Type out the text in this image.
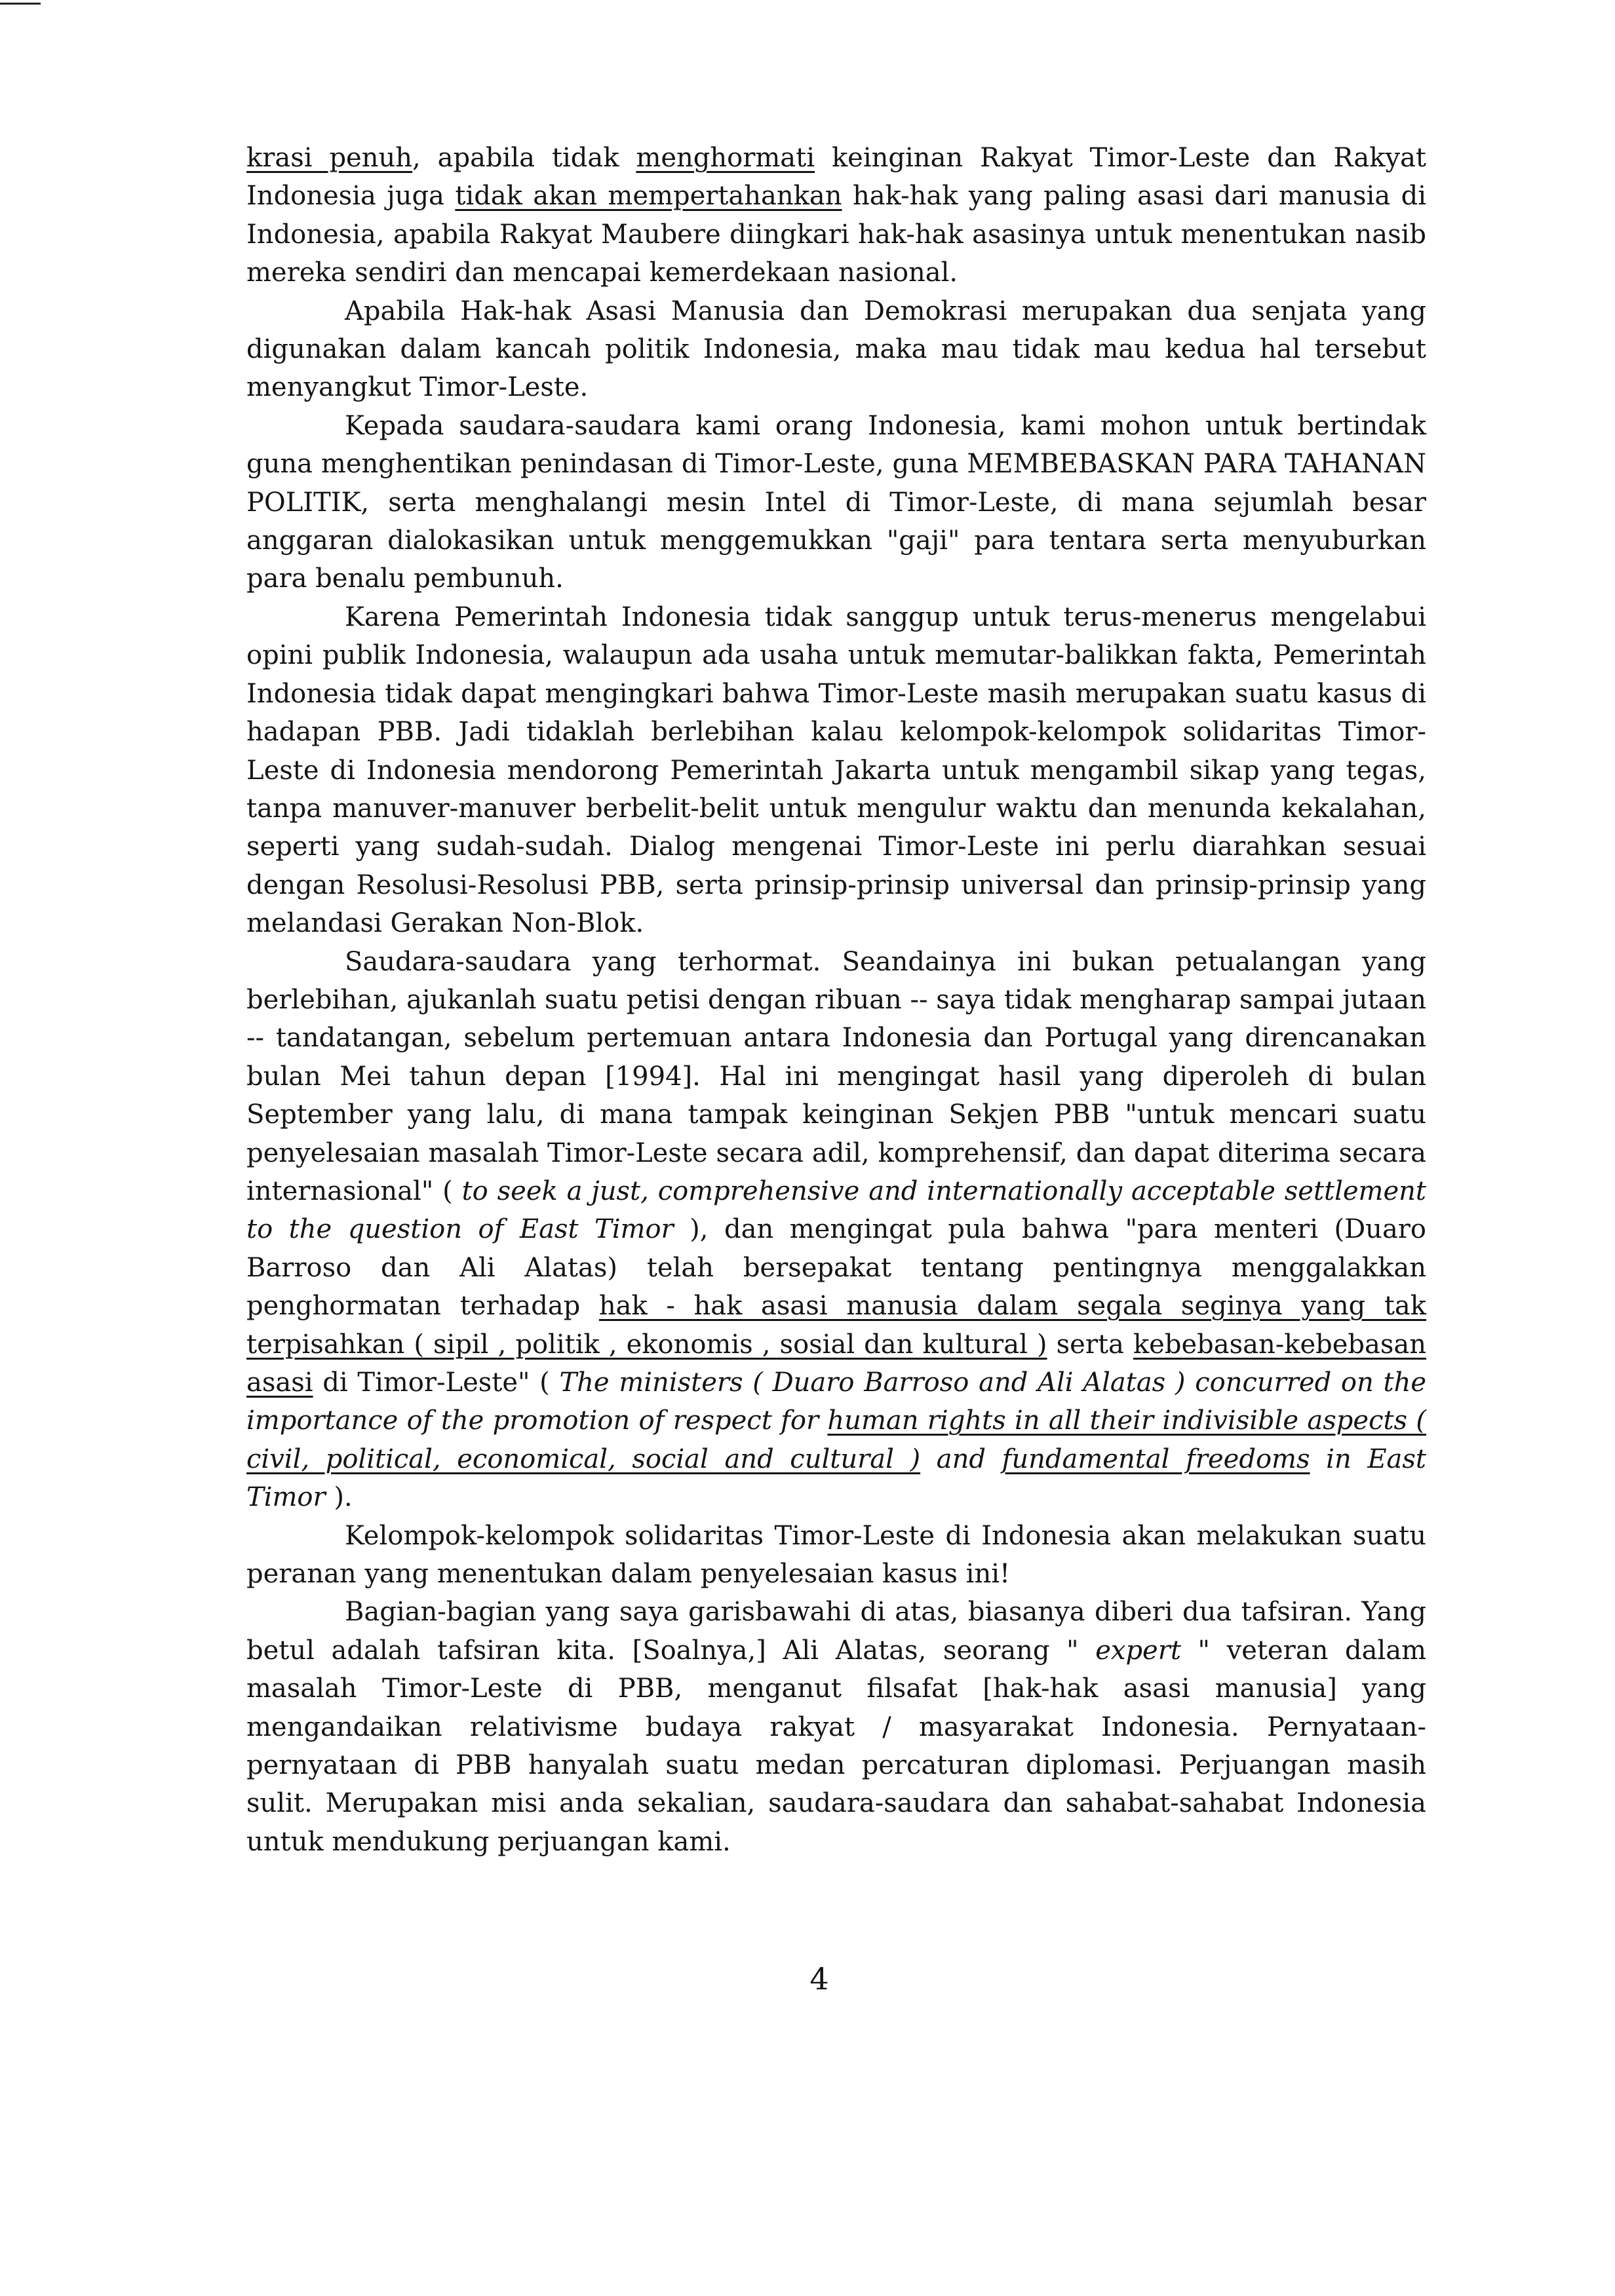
krasi penuh, apabila tidak menghormati keinginan Rakyat Timor-Leste dan Rakyat Indonesia juga tidak akan mempertahankan hak-hak yang paling asasi dari manusia di Indonesia, apabila Rakyat Maubere diingkari hak-hak asasinya untuk menentukan nasib mereka sendiri dan mencapai kemerdekaan nasional.

Apabila Hak-hak Asasi Manusia dan Demokrasi merupakan dua senjata yang digunakan dalam kancah politik Indonesia, maka mau tidak mau kedua hal tersebut menyangkut Timor-Leste.

Kepada saudara-saudara kami orang Indonesia, kami mohon untuk bertindak guna menghentikan penindasan di Timor-Leste, guna MEMBEBASKAN PARA TAHANAN POLITIK, serta menghalangi mesin Intel di Timor-Leste, di mana sejumlah besar anggaran dialokasikan untuk menggemukkan "gaji" para tentara serta menyuburkan para benalu pembunuh.

Karena Pemerintah Indonesia tidak sanggup untuk terus-menerus mengelabui opini publik Indonesia, walaupun ada usaha untuk memutar-balikkan fakta, Pemerintah Indonesia tidak dapat mengingkari bahwa Timor-Leste masih merupakan suatu kasus di hadapan PBB. Jadi tidaklah berlebihan kalau kelompok-kelompok solidaritas Timor-Leste di Indonesia mendorong Pemerintah Jakarta untuk mengambil sikap yang tegas, tanpa manuver-manuver berbelit-belit untuk mengulur waktu dan menunda kekalahan, seperti yang sudah-sudah. Dialog mengenai Timor-Leste ini perlu diarahkan sesuai dengan Resolusi-Resolusi PBB, serta prinsip-prinsip universal dan prinsip-prinsip yang melandasi Gerakan Non-Blok.

Saudara-saudara yang terhormat. Seandainya ini bukan petualangan yang berlebihan, ajukanlah suatu petisi dengan ribuan -- saya tidak mengharap sampai jutaan -- tandatangan, sebelum pertemuan antara Indonesia dan Portugal yang direncanakan bulan Mei tahun depan [1994]. Hal ini mengingat hasil yang diperoleh di bulan September yang lalu, di mana tampak keinginan Sekjen PBB "untuk mencari suatu penyelesaian masalah Timor-Leste secara adil, komprehensif, dan dapat diterima secara internasional" ( to seek a just, comprehensive and internationally acceptable settlement to the question of East Timor ), dan mengingat pula bahwa "para menteri (Duaro Barroso dan Ali Alatas) telah bersepakat tentang pentingnya menggalakkan penghormatan terhadap hak - hak asasi manusia dalam segala seginya yang tak terpisahkan ( sipil , politik , ekonomis , sosial dan kultural ) serta kebebasan-kebebasan asasi di Timor-Leste" ( The ministers ( Duaro Barroso and Ali Alatas ) concurred on the importance of the promotion of respect for human rights in all their indivisible aspects ( civil, political, economical, social and cultural ) and fundamental freedoms in East Timor ).

Kelompok-kelompok solidaritas Timor-Leste di Indonesia akan melakukan suatu peranan yang menentukan dalam penyelesaian kasus ini!

Bagian-bagian yang saya garisbawahi di atas, biasanya diberi dua tafsiran. Yang betul adalah tafsiran kita. [Soalnya,] Ali Alatas, seorang " expert " veteran dalam masalah Timor-Leste di PBB, menganut filsafat [hak-hak asasi manusia] yang mengandaikan relativisme budaya rakyat / masyarakat Indonesia. Pernyataan-pernyataan di PBB hanyalah suatu medan percaturan diplomasi. Perjuangan masih sulit. Merupakan misi anda sekalian, saudara-saudara dan sahabat-sahabat Indonesia untuk mendukung perjuangan kami.

4
